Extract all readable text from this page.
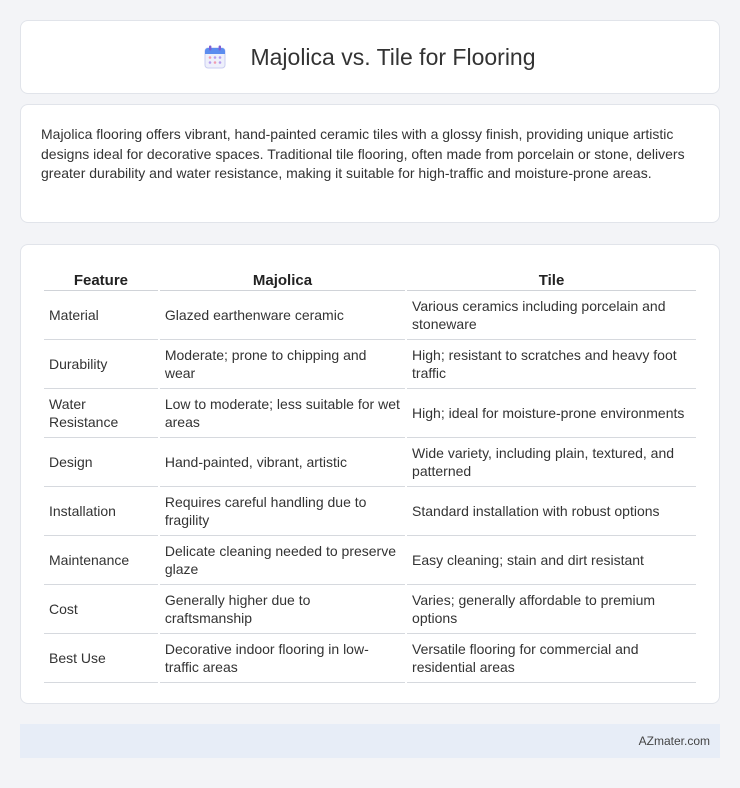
Majolica vs. Tile for Flooring

Majolica flooring offers vibrant, hand-painted ceramic tiles with a glossy finish, providing unique artistic designs ideal for decorative spaces. Traditional tile flooring, often made from porcelain or stone, delivers greater durability and water resistance, making it suitable for high-traffic and moisture-prone areas.

Feature	Majolica	Tile
Material	Glazed earthenware ceramic	Various ceramics including porcelain and stoneware
Durability	Moderate; prone to chipping and wear	High; resistant to scratches and heavy foot traffic
Water Resistance	Low to moderate; less suitable for wet areas	High; ideal for moisture-prone environments
Design	Hand-painted, vibrant, artistic	Wide variety, including plain, textured, and patterned
Installation	Requires careful handling due to fragility	Standard installation with robust options
Maintenance	Delicate cleaning needed to preserve glaze	Easy cleaning; stain and dirt resistant
Cost	Generally higher due to craftsmanship	Varies; generally affordable to premium options
Best Use	Decorative indoor flooring in low-traffic areas	Versatile flooring for commercial and residential areas
AZmater.com
